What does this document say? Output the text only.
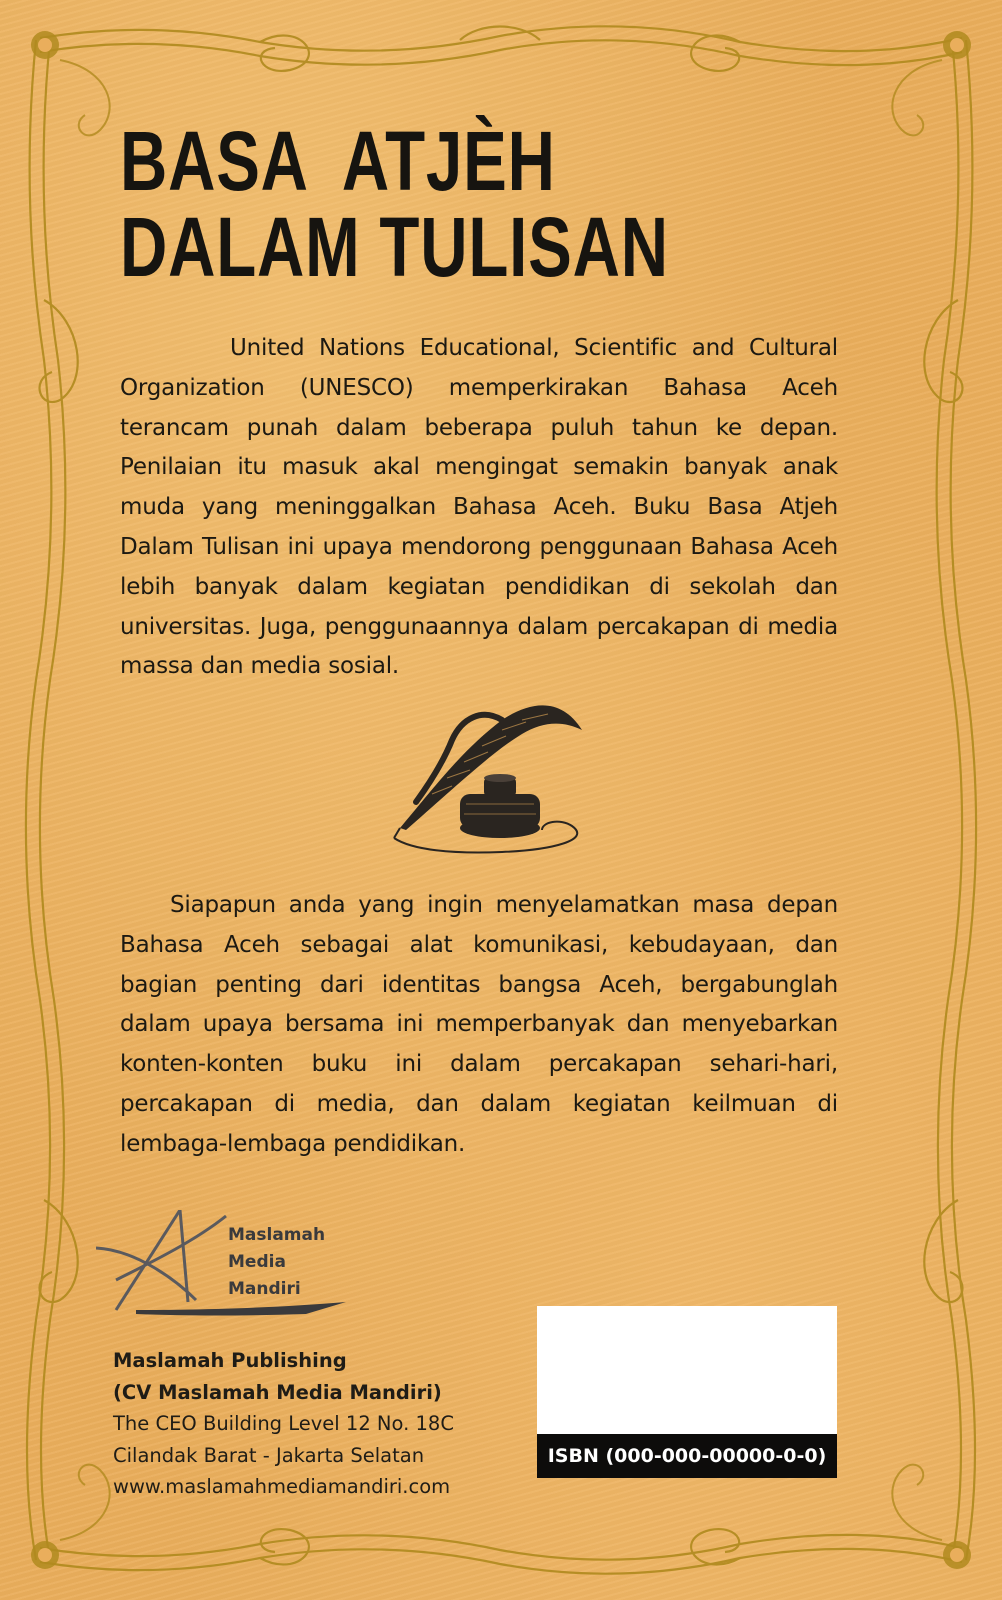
BASA  ATJÈH
DALAM TULISAN

United Nations Educational, Scientific and Cultural Organization (UNESCO) memperkirakan Bahasa Aceh terancam punah dalam beberapa puluh tahun ke depan. Penilaian itu masuk akal mengingat semakin banyak anak muda yang meninggalkan Bahasa Aceh. Buku Basa Atjeh Dalam Tulisan ini upaya mendorong penggunaan Bahasa Aceh lebih banyak dalam kegiatan pendidikan di sekolah dan universitas. Juga, penggunaannya dalam percakapan di media massa dan media sosial.

Siapapun anda yang ingin menyelamatkan masa depan Bahasa Aceh sebagai alat komunikasi, kebudayaan, dan bagian penting dari identitas bangsa Aceh, bergabunglah dalam upaya bersama ini memperbanyak dan menyebarkan konten-konten buku ini dalam percakapan sehari-hari, percakapan di media, dan dalam kegiatan keilmuan di lembaga-lembaga pendidikan.

Maslamah
Media
Mandiri
Maslamah Publishing
(CV Maslamah Media Mandiri)
The CEO Building Level 12 No. 18C
Cilandak Barat - Jakarta Selatan
www.maslamahmediamandiri.com
ISBN (000-000-00000-0-0)
